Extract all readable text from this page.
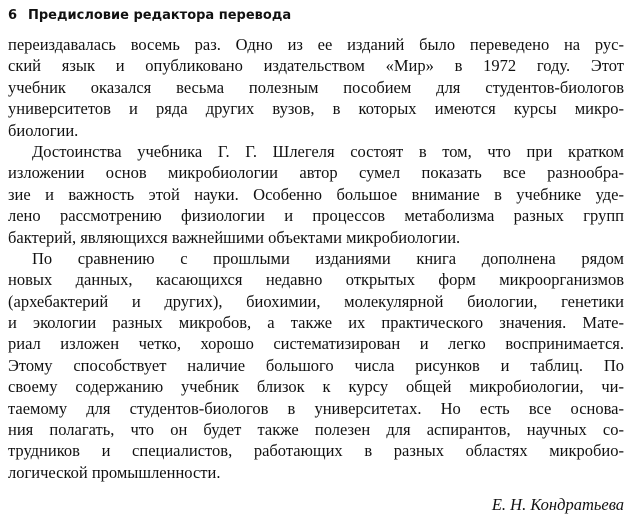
6 Предисловие редактора перевода
переиздавалась восемь раз. Одно из ее изданий было переведено на рус-
ский язык и опубликовано издательством «Мир» в 1972 году. Этот
учебник оказался весьма полезным пособием для студентов-биологов
университетов и ряда других вузов, в которых имеются курсы микро-
биологии.
Достоинства учебника Г. Г. Шлегеля состоят в том, что при кратком
изложении основ микробиологии автор сумел показать все разнообра-
зие и важность этой науки. Особенно большое внимание в учебнике уде-
лено рассмотрению физиологии и процессов метаболизма разных групп
бактерий, являющихся важнейшими объектами микробиологии.
По сравнению с прошлыми изданиями книга дополнена рядом
новых данных, касающихся недавно открытых форм микроорганизмов
(архебактерий и других), биохимии, молекулярной биологии, генетики
и экологии разных микробов, а также их практического значения. Мате-
риал изложен четко, хорошо систематизирован и легко воспринимается.
Этому способствует наличие большого числа рисунков и таблиц. По
своему содержанию учебник близок к курсу общей микробиологии, чи-
таемому для студентов-биологов в университетах. Но есть все основа-
ния полагать, что он будет также полезен для аспирантов, научных со-
трудников и специалистов, работающих в разных областях микробио-
логической промышленности.
Е. Н. Кондратьева
